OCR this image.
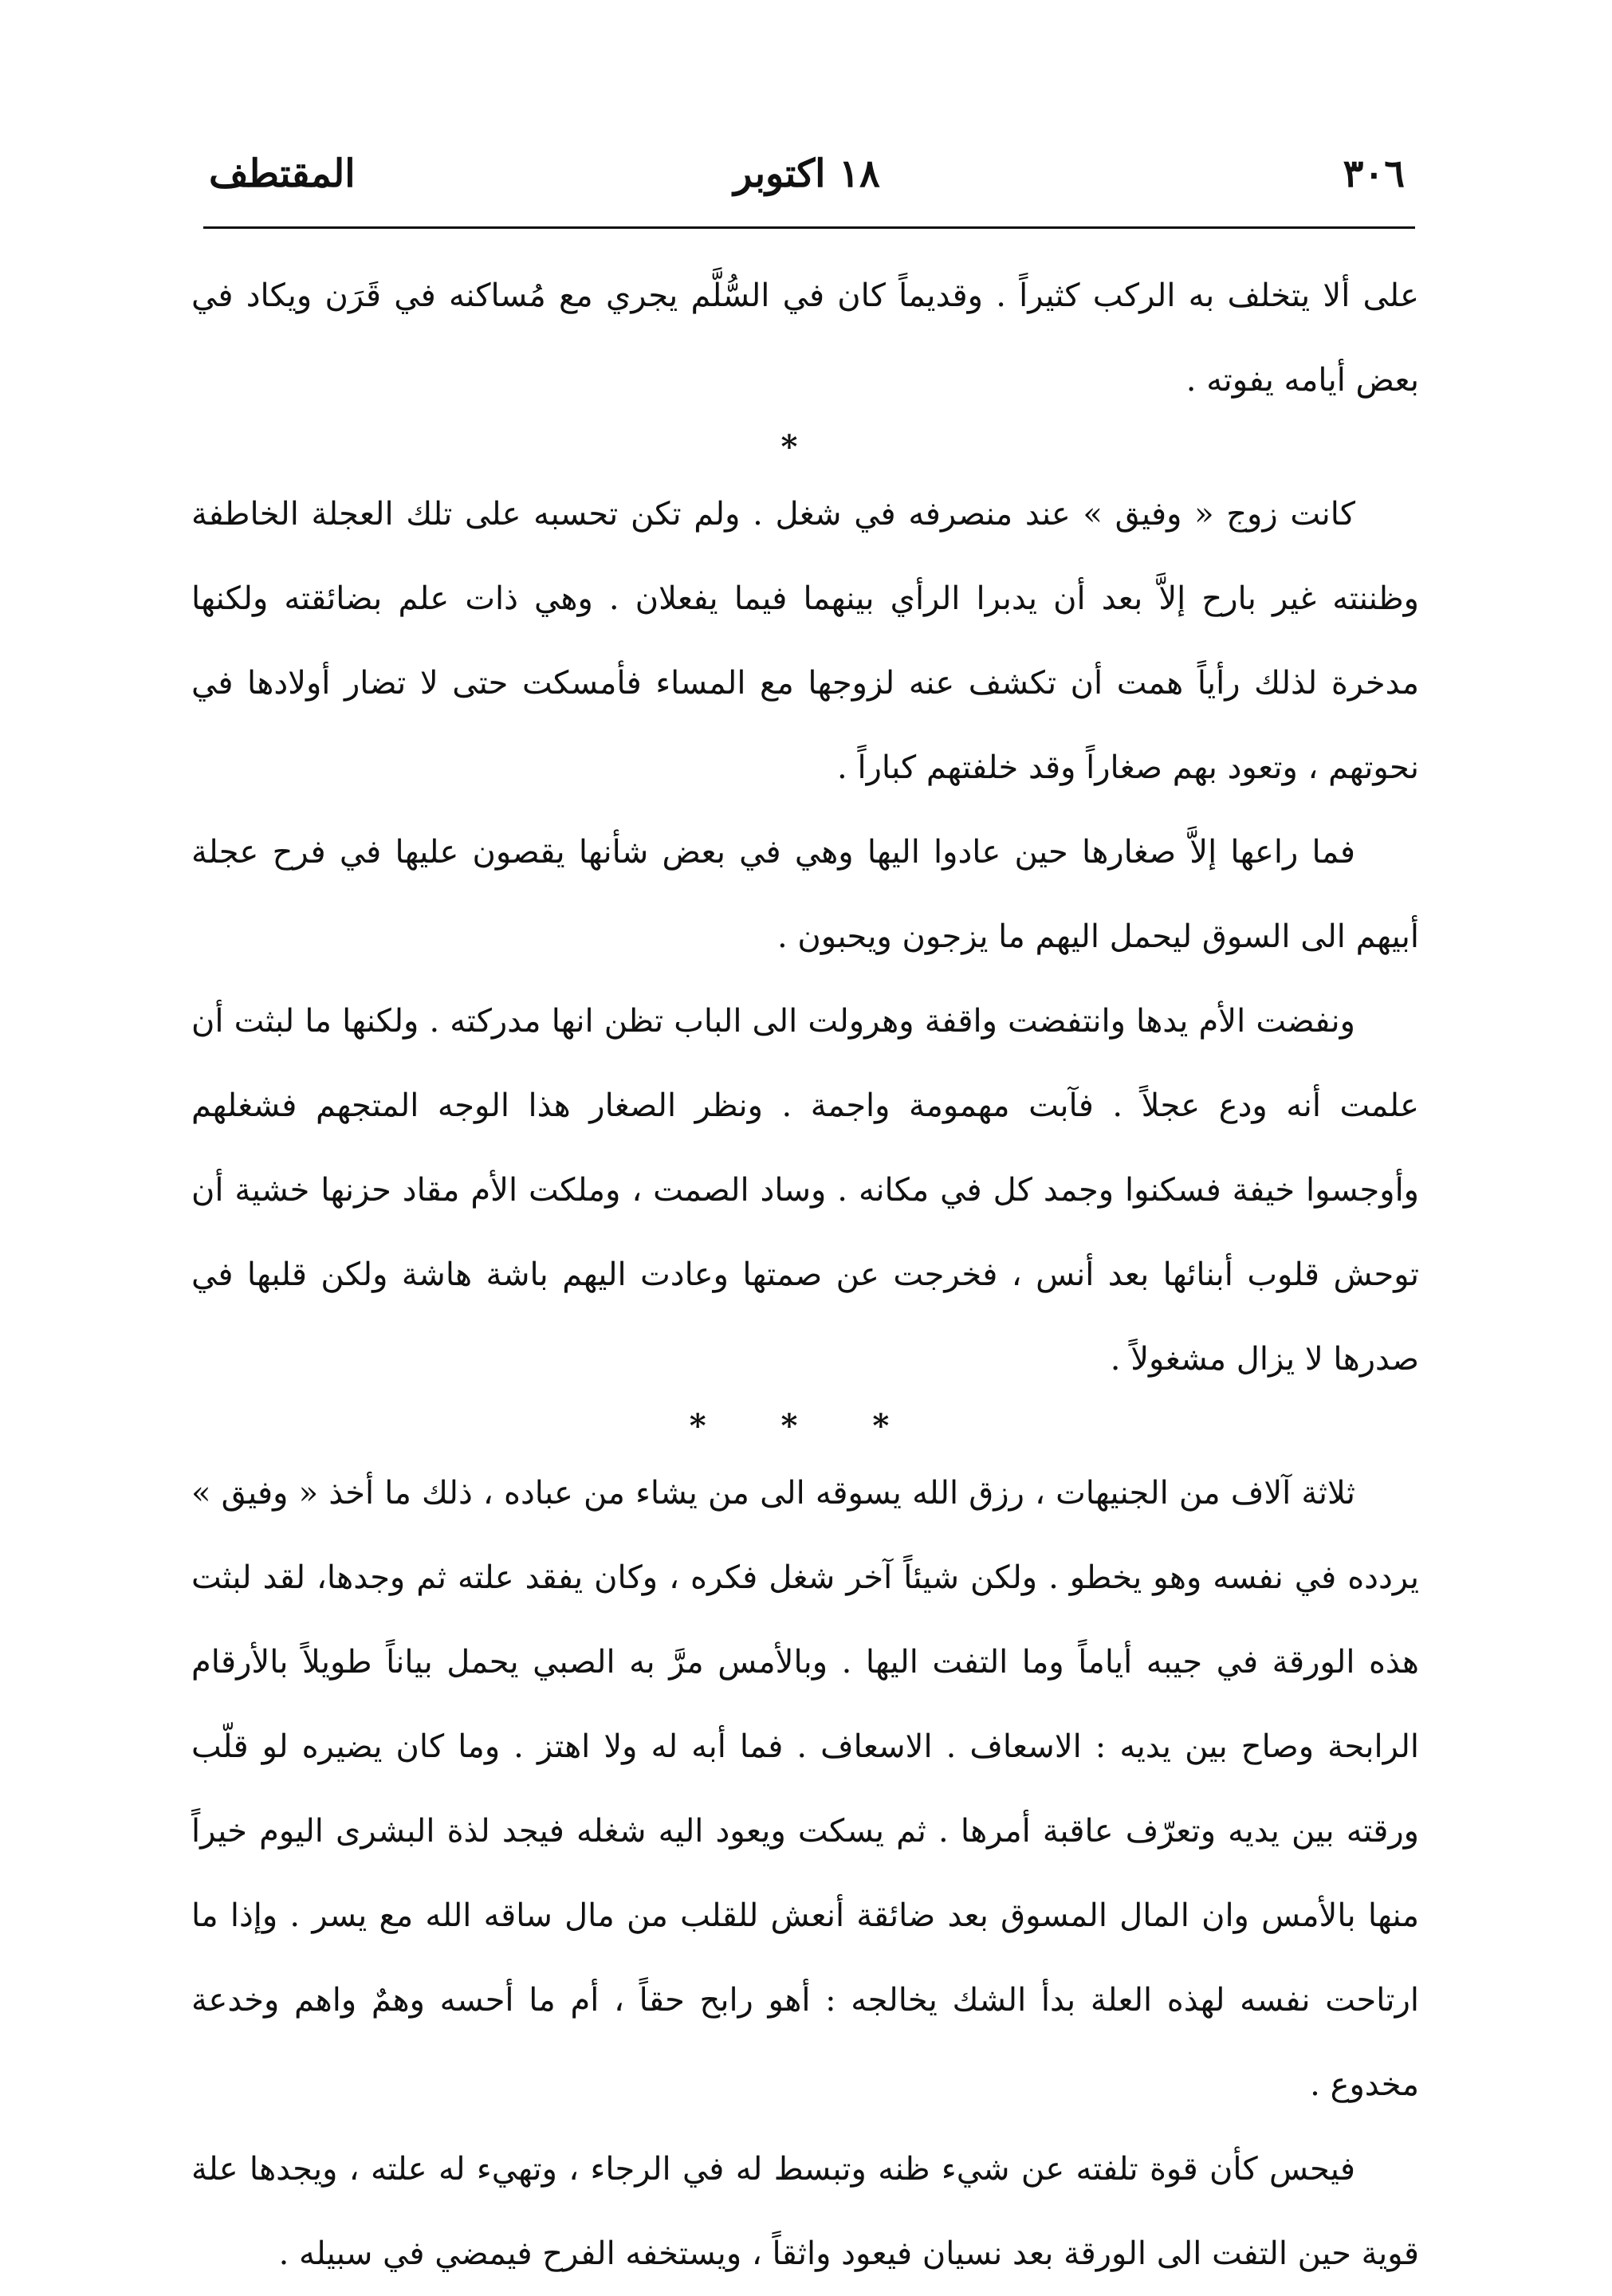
٣٠٦
١٨ اكتوبر
المقتطف

على ألا يتخلف به الركب كثيراً . وقديماً كان في السُّلَّم يجري مع مُساكنه في قَرَن ويكاد في بعض أيامه يفوته .

*

كانت زوج « وفيق » عند منصرفه في شغل . ولم تكن تحسبه على تلك العجلة الخاطفة وظننته غير بارح إلاَّ بعد أن يدبرا الرأي بينهما فيما يفعلان . وهي ذات علم بضائقته ولكنها مدخرة لذلك رأياً همت أن تكشف عنه لزوجها مع المساء فأمسكت حتى لا تضار أولادها في نحوتهم ، وتعود بهم صغاراً وقد خلفتهم كباراً .

فما راعها إلاَّ صغارها حين عادوا اليها وهي في بعض شأنها يقصون عليها في فرح عجلة أبيهم الى السوق ليحمل اليهم ما يزجون ويحبون .

ونفضت الأم يدها وانتفضت واقفة وهرولت الى الباب تظن انها مدركته . ولكنها ما لبثت أن علمت أنه ودع عجلاً . فآبت مهمومة واجمة . ونظر الصغار هذا الوجه المتجهم فشغلهم وأوجسوا خيفة فسكنوا وجمد كل في مكانه . وساد الصمت ، وملكت الأم مقاد حزنها خشية أن توحش قلوب أبنائها بعد أنس ، فخرجت عن صمتها وعادت اليهم باشة هاشة ولكن قلبها في صدرها لا يزال مشغولاً .

* * *

ثلاثة آلاف من الجنيهات ، رزق الله يسوقه الى من يشاء من عباده ، ذلك ما أخذ « وفيق » يردده في نفسه وهو يخطو . ولكن شيئاً آخر شغل فكره ، وكان يفقد علته ثم وجدها، لقد لبثت هذه الورقة في جيبه أياماً وما التفت اليها . وبالأمس مرَّ به الصبي يحمل بياناً طويلاً بالأرقام الرابحة وصاح بين يديه : الاسعاف . الاسعاف . فما أبه له ولا اهتز . وما كان يضيره لو قلّب ورقته بين يديه وتعرّف عاقبة أمرها . ثم يسكت ويعود اليه شغله فيجد لذة البشرى اليوم خيراً منها بالأمس وان المال المسوق بعد ضائقة أنعش للقلب من مال ساقه الله مع يسر . وإذا ما ارتاحت نفسه لهذه العلة بدأ الشك يخالجه : أهو رابح حقاً ، أم ما أحسه وهمٌ واهم وخدعة مخدوع .

فيحس كأن قوة تلفته عن شيء ظنه وتبسط له في الرجاء ، وتهيء له علته ، ويجدها علة قوية حين التفت الى الورقة بعد نسيان فيعود واثقاً ، ويستخفه الفرح فيمضي في سبيله .
